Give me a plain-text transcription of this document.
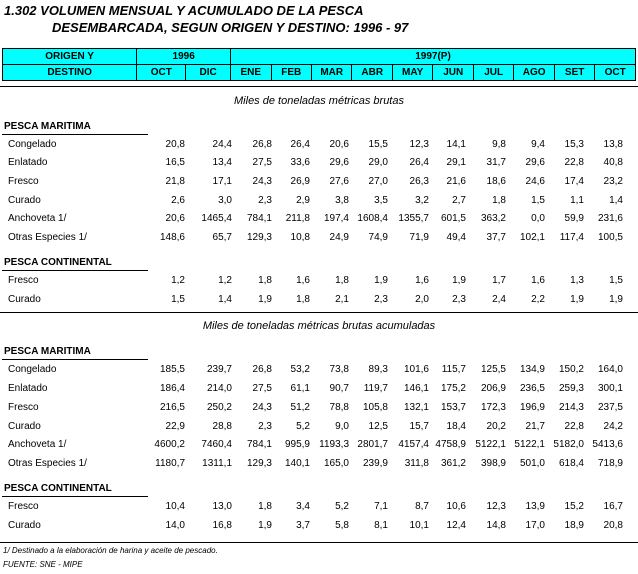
1.302 VOLUMEN MENSUAL Y ACUMULADO DE LA PESCA
DESEMBARCADA, SEGUN ORIGEN Y DESTINO: 1996 - 97
ORIGEN Y	1996		1997(P)									
DESTINO	OCT	DIC	ENE	FEB	MAR	ABR	MAY	JUN	JUL	AGO	SET	OCT
Miles de toneladas métricas brutas
PESCA MARITIMA
Congelado	20,8	24,4 26,8 26,4 20,6 15,5 12,3 14,1	9,8	9,4 15,3 13,8
Enlatado	16,5	13,4 27,5 33,6 29,6 29,0 26,4 29,1 31,7 29,6 22,8 40,8
Fresco	21,8	17,1 24,3 26,9 27,6 27,0 26,3 21,6 18,6 24,6 17,4 23,2
Curado	2,6	3,0	2,3 2,9	3,8	3,5	3,2 2,7	1,8	1,5	1,1	1,4
Anchoveta 1/	20,6 1465,4 784,1 211,8 197,4 1608,4 1355,7 601,5 363,2	0,0 59,9 231,6
Otras Especies 1/	148,6	65,7 129,3 10,8 24,9 74,9 71,9 49,4 37,7 102,1 117,4 100,5
PESCA CONTINENTAL
Fresco	1,2	1,2	1,8 1,6	1,8	1,9	1,6 1,9	1,7	1,6	1,3	1,5
Curado	1,5	1,4	1,9 1,8	2,1	2,3	2,0 2,3	2,4	2,2	1,9	1,9
Miles de toneladas métricas brutas acumuladas
PESCA MARITIMA
Congelado	185,5 239,7 26,8 53,2 73,8 89,3 101,6 115,7 125,5 134,9 150,2 164,0
Enlatado	186,4 214,0 27,5 61,1 90,7 119,7 146,1 175,2 206,9 236,5 259,3 300,1
Fresco	216,5 250,2 24,3 51,2 78,8 105,8 132,1 153,7 172,3 196,9 214,3 237,5
Curado	22,9	28,8	2,3 5,2	9,0 12,5 15,7 18,4 20,2 21,7 22,8 24,2
Anchoveta 1/	4600,2 7460,4 784,1 995,9 1193,3 2801,7 4157,4 4758,9 5122,1 5122,1 5182,0 5413,6
Otras Especies 1/	1180,7 1311,1 129,3 140,1 165,0 239,9 311,8 361,2 398,9 501,0 618,4 718,9
PESCA CONTINENTAL
Fresco	10,4	13,0	1,8 3,4	5,2	7,1	8,7 10,6 12,3 13,9 15,2 16,7
Curado	14,0	16,8	1,9 3,7	5,8	8,1 10,1 12,4 14,8 17,0 18,9 20,8
1/ Destinado a la elaboración de harina y aceite de pescado.
FUENTE: SNE - MIPE
